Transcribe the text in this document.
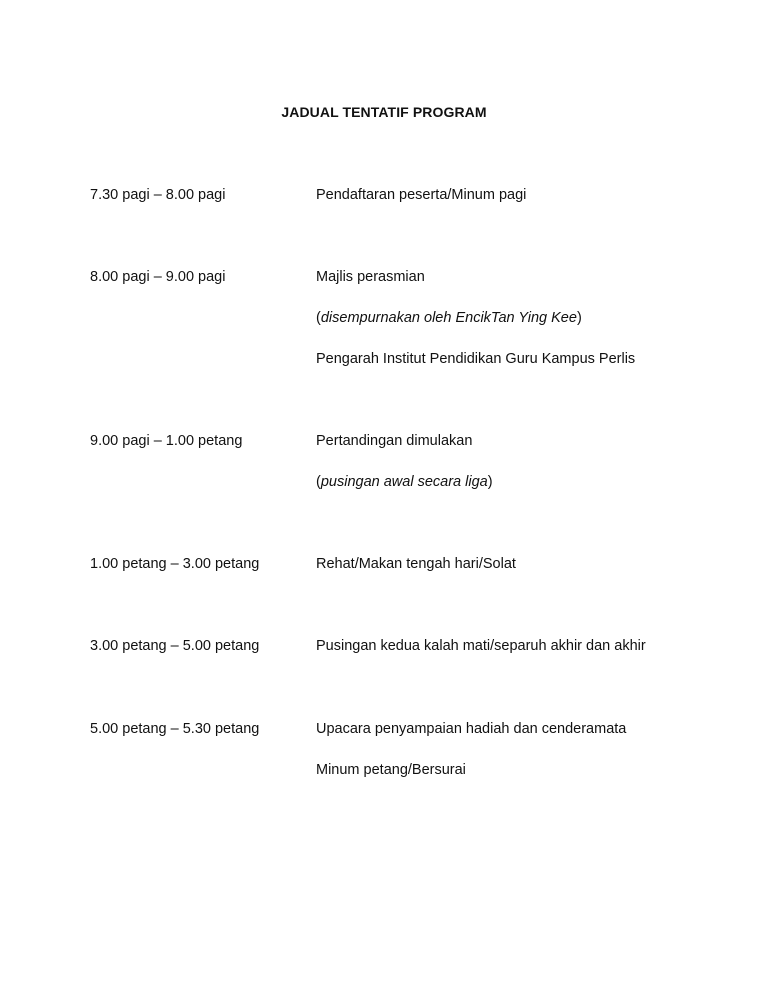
JADUAL TENTATIF PROGRAM
7.30 pagi – 8.00 pagi	Pendaftaran peserta/Minum pagi
8.00 pagi – 9.00 pagi	Majlis perasmian
(disempurnakan oleh EncikTan Ying Kee)
Pengarah Institut Pendidikan Guru Kampus Perlis
9.00 pagi – 1.00 petang	Pertandingan dimulakan
(pusingan awal secara liga)
1.00 petang – 3.00 petang	Rehat/Makan tengah hari/Solat
3.00 petang – 5.00 petang	Pusingan kedua kalah mati/separuh akhir dan akhir
5.00 petang – 5.30 petang	Upacara penyampaian hadiah dan cenderamata
Minum petang/Bersurai
